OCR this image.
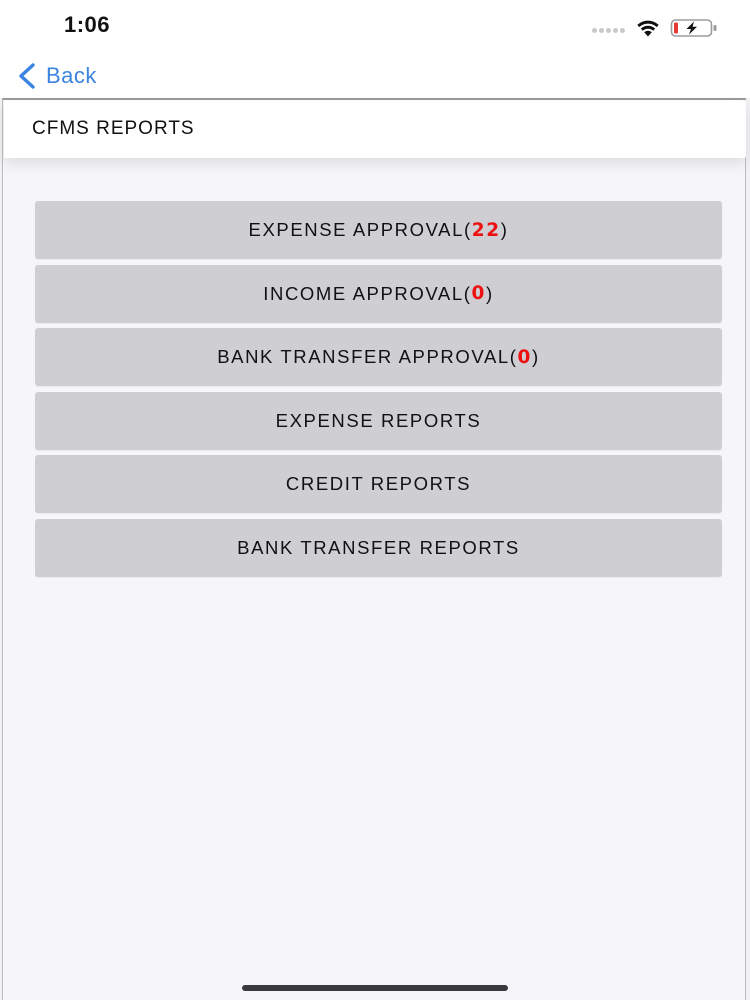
1:06
Back
CFMS REPORTS
EXPENSE APPROVAL( 22 )
INCOME APPROVAL( 0 )
BANK TRANSFER APPROVAL( 0 )
EXPENSE REPORTS
CREDIT REPORTS
BANK TRANSFER REPORTS
